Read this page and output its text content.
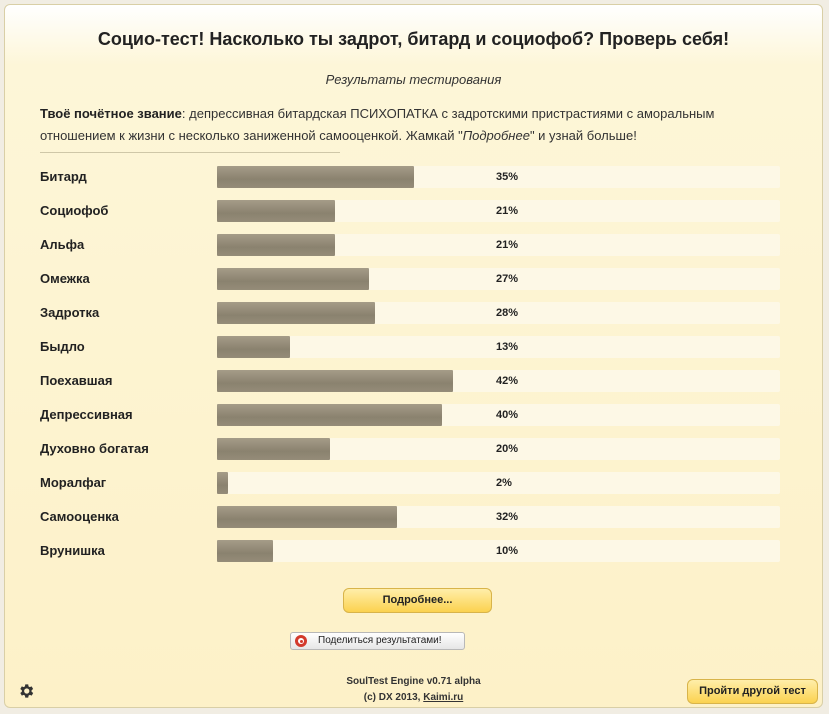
Социо-тест! Насколько ты задрот, битард и социофоб? Проверь себя!
Результаты тестирования
Твоё почётное звание: депрессивная битардская ПСИХОПАТКА с задротскими пристрастиями с аморальным отношением к жизни с несколько заниженной самооценкой. Жамкай "Подробнее" и узнай больше!
Битард	35%
Социофоб	21%
Альфа	21%
Омежка	27%
Задротка	28%
Быдло	13%
Поехавшая	42%
Депрессивная	40%
Духовно богатая	20%
Моралфаг	2%
Самооценка	32%
Врунишка	10%
Подробнее...
Поделиться результатами!
SoulTest Engine v0.71 alpha
(c) DX 2013, Kaimi.ru
Пройти другой тест
